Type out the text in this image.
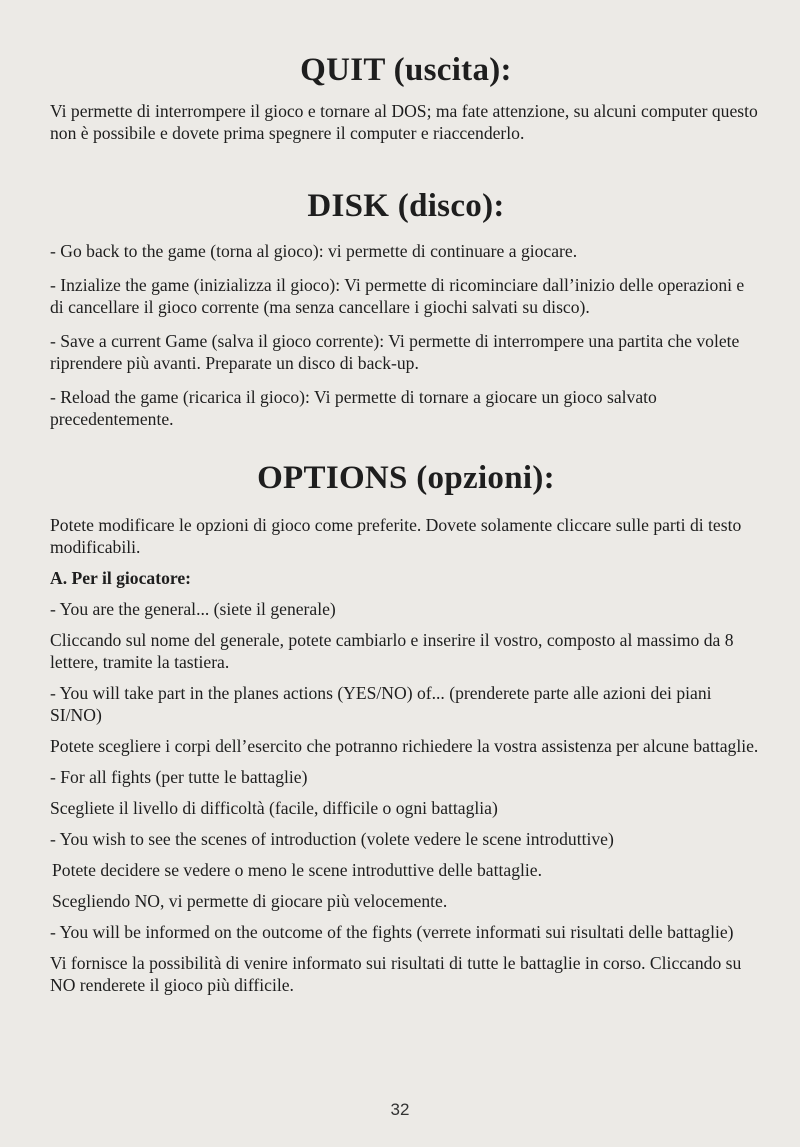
QUIT (uscita):

Vi permette di interrompere il gioco e tornare al DOS; ma fate attenzione, su alcuni computer questo non è possibile e dovete prima spegnere il computer e riaccenderlo.

DISK (disco):

- Go back to the game (torna al gioco): vi permette di continuare a giocare.

- Inzialize the game (inizializza il gioco): Vi permette di ricominciare dall’inizio delle operazioni e di cancellare il gioco corrente (ma senza cancellare i giochi salvati su disco).

- Save a current Game (salva il gioco corrente): Vi permette di interrompere una partita che volete riprendere più avanti. Preparate un disco di back-up.

- Reload the game (ricarica il gioco): Vi permette di tornare a giocare un gioco salvato precedentemente.

OPTIONS (opzioni):

Potete modificare le opzioni di gioco come preferite. Dovete solamente cliccare sulle parti di testo modificabili.

A. Per il giocatore:

- You are the general... (siete il generale)

Cliccando sul nome del generale, potete cambiarlo e inserire il vostro, composto al massimo da 8 lettere, tramite la tastiera.

- You will take part in the planes actions (YES/NO) of... (prenderete parte alle azioni dei piani SI/NO)

Potete scegliere i corpi dell’esercito che potranno richiedere la vostra assistenza per alcune battaglie.

- For all fights (per tutte le battaglie)

Scegliete il livello di difficoltà (facile, difficile o ogni battaglia)

- You wish to see the scenes of introduction (volete vedere le scene introduttive)

Potete decidere se vedere o meno le scene introduttive delle battaglie.

Scegliendo NO, vi permette di giocare più velocemente.

- You will be informed on the outcome of the fights (verrete informati sui risultati delle battaglie)

Vi fornisce la possibilità di venire informato sui risultati di tutte le battaglie in corso. Cliccando su NO renderete il gioco più difficile.

32
